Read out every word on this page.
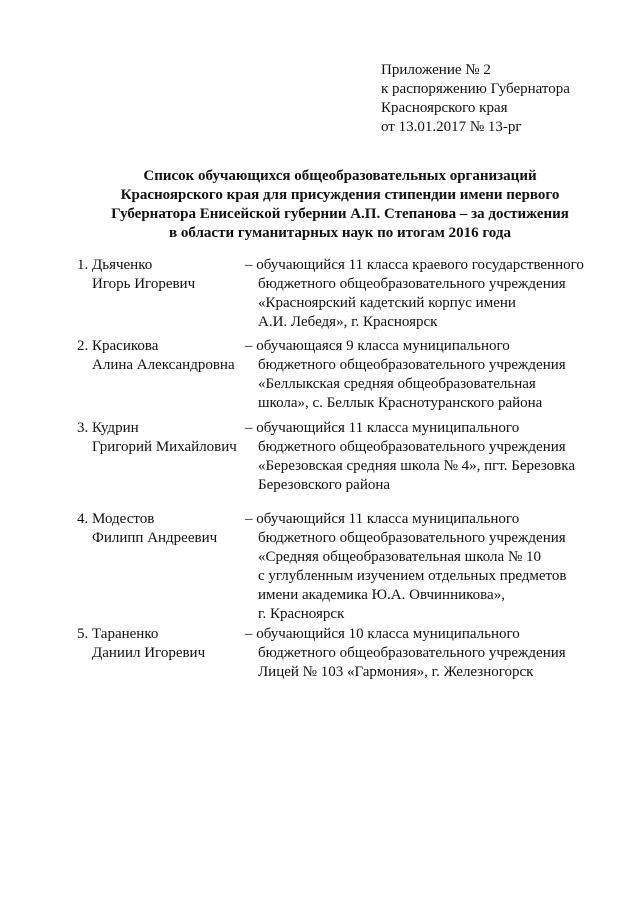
Приложение № 2
к распоряжению Губернатора
Красноярского края
от 13.01.2017 № 13-рг
Список обучающихся общеобразовательных организаций
Красноярского края для присуждения стипендии имени первого
Губернатора Енисейской губернии А.П. Степанова – за достижения
в области гуманитарных наук по итогам 2016 года
1. Дьяченко
Игорь Игоревич
– обучающийся 11 класса краевого государственного
бюджетного общеобразовательного учреждения
«Красноярский кадетский корпус имени
А.И. Лебедя», г. Красноярск
2. Красикова
Алина Александровна
– обучающаяся 9 класса муниципального
бюджетного общеобразовательного учреждения
«Беллыкская средняя общеобразовательная
школа», с. Беллык Краснотуранского района
3. Кудрин
Григорий Михайлович
– обучающийся 11 класса муниципального
бюджетного общеобразовательного учреждения
«Березовская средняя школа № 4», пгт. Березовка
Березовского района
4. Модестов
Филипп Андреевич
– обучающийся 11 класса муниципального
бюджетного общеобразовательного учреждения
«Средняя общеобразовательная школа № 10
с углубленным изучением отдельных предметов
имени академика Ю.А. Овчинникова»,
г. Красноярск
5. Тараненко
Даниил Игоревич
– обучающийся 10 класса муниципального
бюджетного общеобразовательного учреждения
Лицей № 103 «Гармония», г. Железногорск
